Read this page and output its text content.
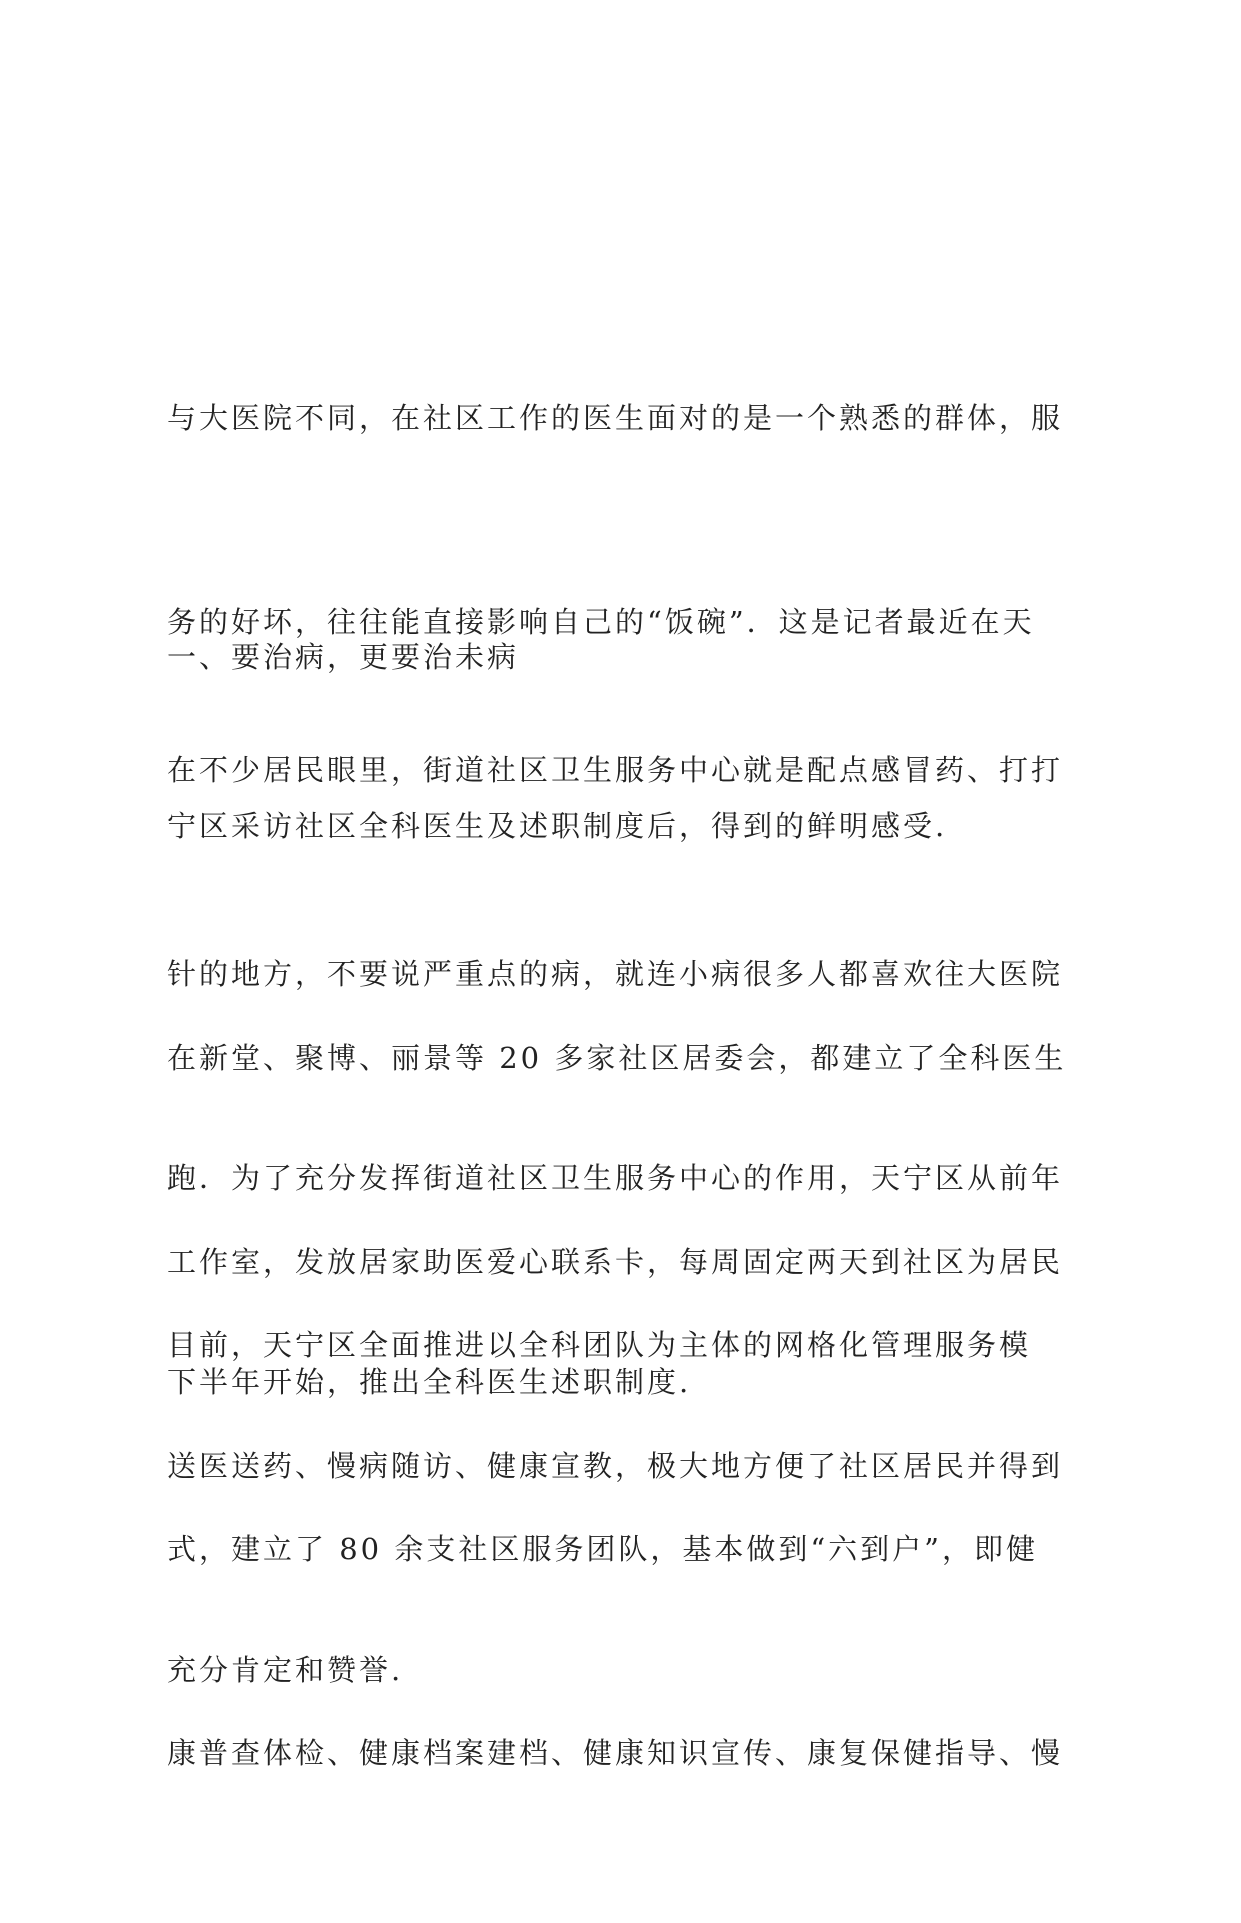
与大医院不同，在社区工作的医生面对的是一个熟悉的群体，服

务的好坏，往往能直接影响自己的“饭碗”．这是记者最近在天

宁区采访社区全科医生及述职制度后，得到的鲜明感受.

一、要治病，更要治未病

在不少居民眼里，街道社区卫生服务中心就是配点感冒药、打打

针的地方，不要说严重点的病，就连小病很多人都喜欢往大医院

跑．为了充分发挥街道社区卫生服务中心的作用，天宁区从前年

下半年开始，推出全科医生述职制度.

在新堂、聚博、丽景等 20 多家社区居委会，都建立了全科医生

工作室，发放居家助医爱心联系卡，每周固定两天到社区为居民

送医送药、慢病随访、健康宣教，极大地方便了社区居民并得到

充分肯定和赞誉.

目前，天宁区全面推进以全科团队为主体的网格化管理服务模

式，建立了 80 余支社区服务团队，基本做到“六到户”，即健

康普查体检、健康档案建档、健康知识宣传、康复保健指导、慢
